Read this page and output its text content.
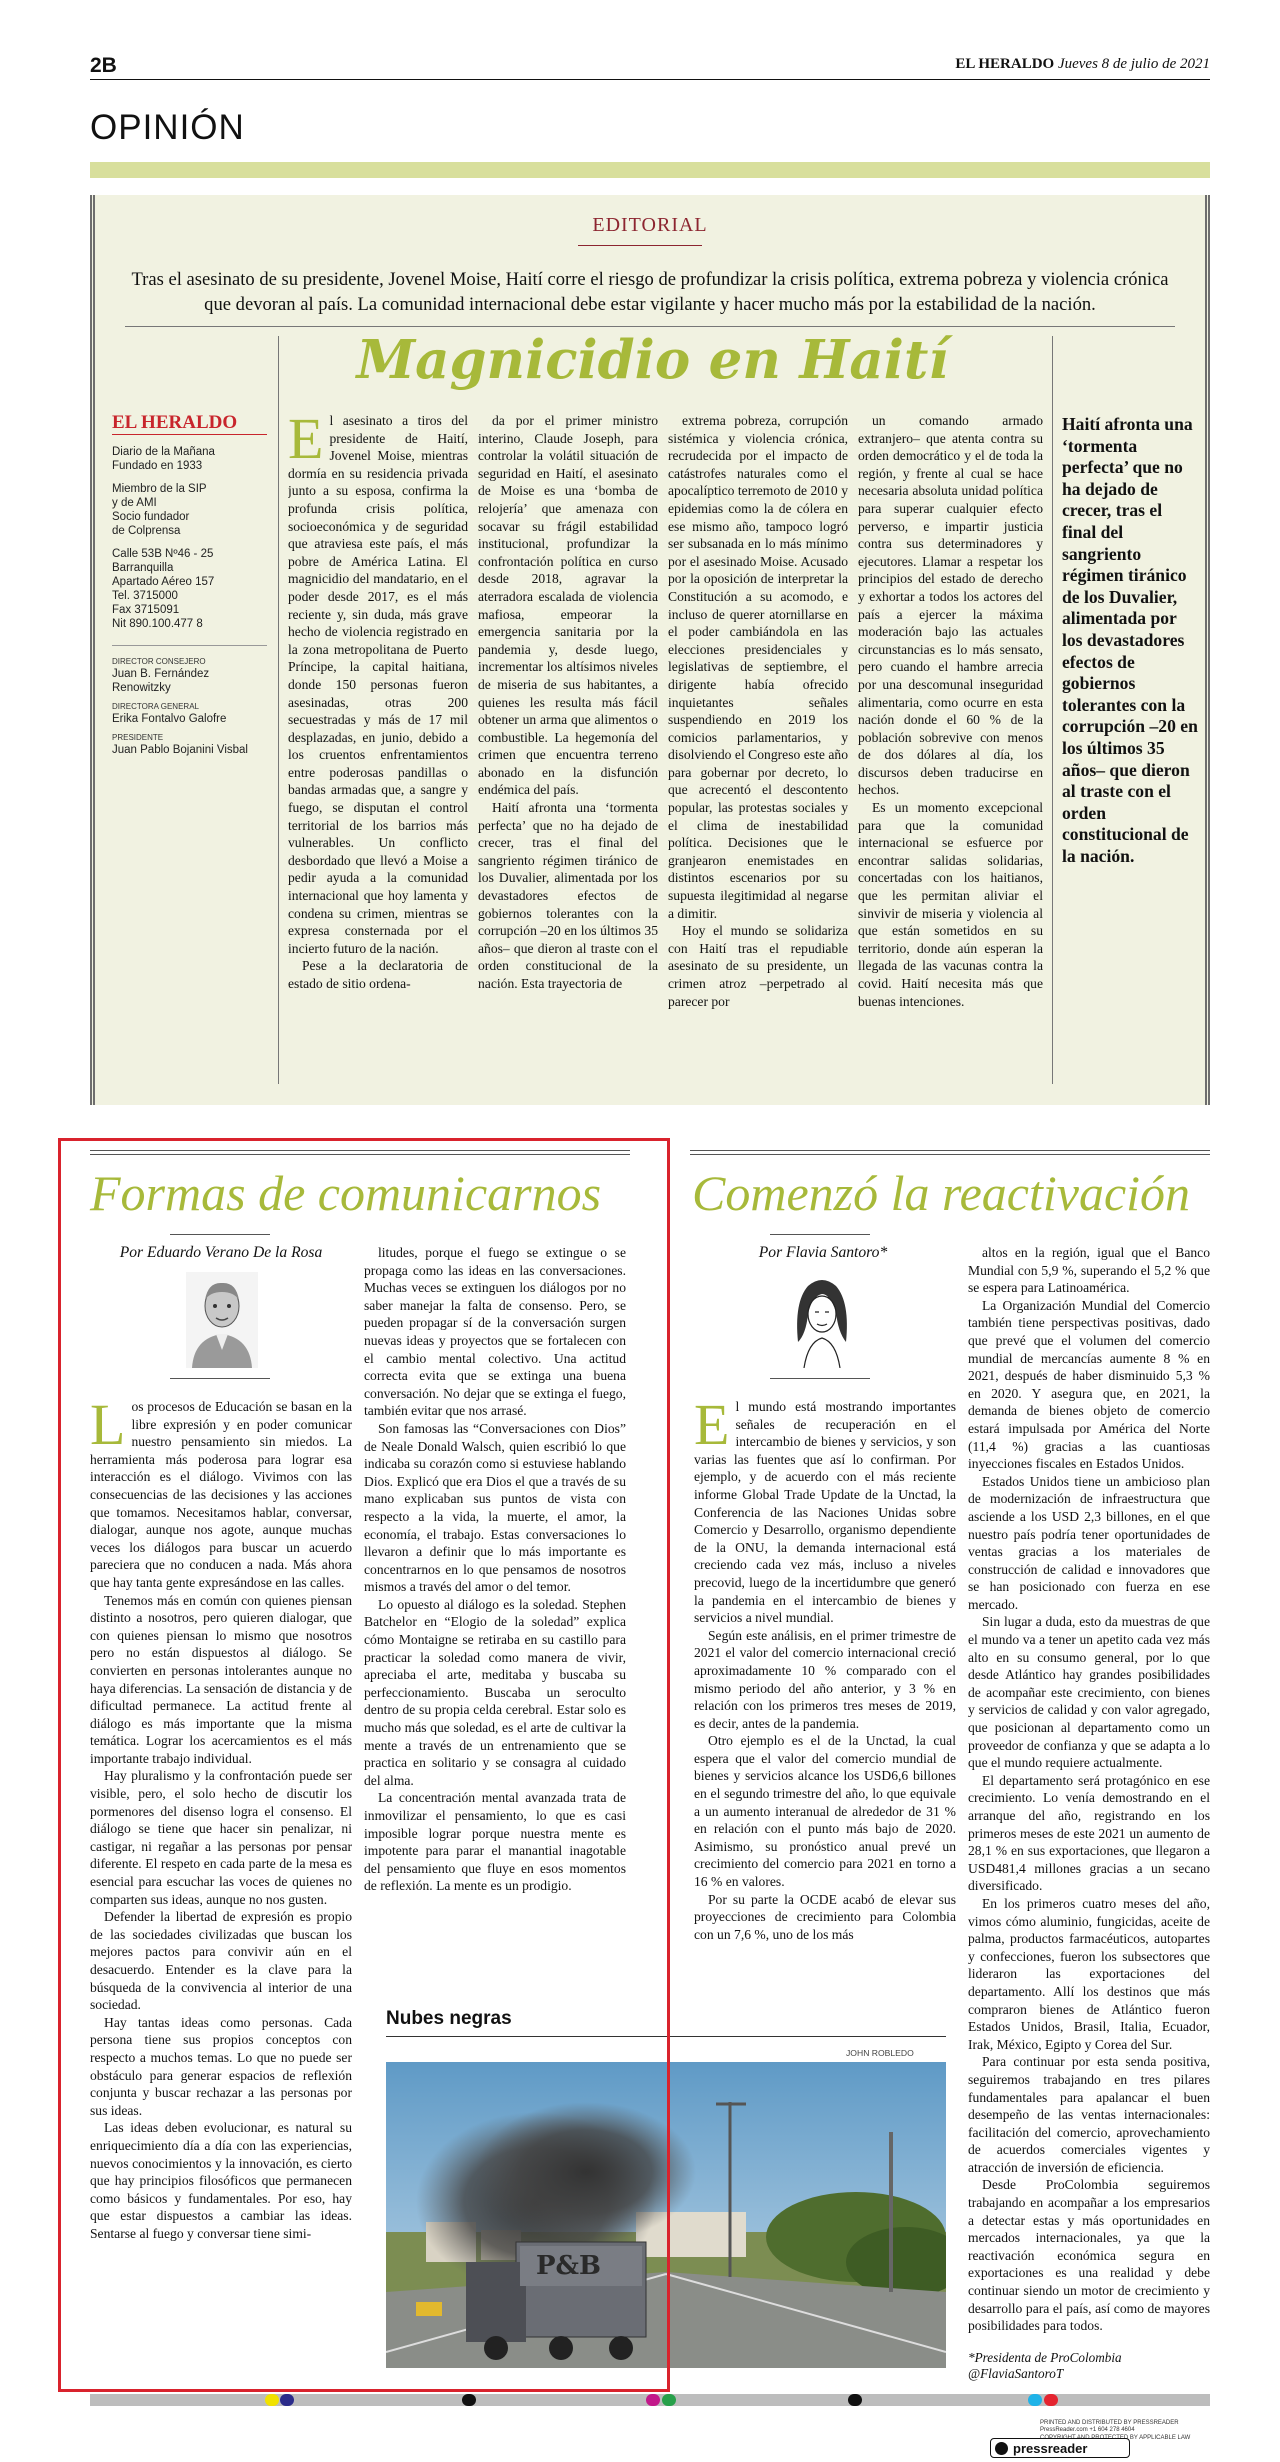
2B	EL HERALDO Jueves 8 de julio de 2021
OPINIÓN
EDITORIAL
Tras el asesinato de su presidente, Jovenel Moise, Haití corre el riesgo de profundizar la crisis política, extrema pobreza y violencia crónica que devoran al país. La comunidad internacional debe estar vigilante y hacer mucho más por la estabilidad de la nación.
Magnicidio en Haití
EL HERALDO
Diario de la Mañana
Fundado en 1933
Miembro de la SIP
y de AMI
Socio fundador
de Colprensa
Calle 53B Nº46 - 25
Barranquilla
Apartado Aéreo 157
Tel. 3715000
Fax 3715091
Nit 890.100.477 8
DIRECTOR CONSEJERO
Juan B. Fernández Renowitzky
DIRECTORA GENERAL
Erika Fontalvo Galofre
PRESIDENTE
Juan Pablo Bojanini Visbal

El asesinato a tiros del presidente de Haití, Jovenel Moise, mientras dormía en su residencia privada junto a su esposa, confirma la profunda crisis política, socioeconómica y de seguridad que atraviesa este país, el más pobre de América Latina. El magnicidio del mandatario, en el poder desde 2017, es el más reciente y, sin duda, más grave hecho de violencia registrado en la zona metropolitana de Puerto Príncipe, la capital haitiana, donde 150 personas fueron asesinadas, otras 200 secuestradas y más de 17 mil desplazadas, en junio, debido a los cruentos enfrentamientos entre poderosas pandillas o bandas armadas que, a sangre y fuego, se disputan el control territorial de los barrios más vulnerables. Un conflicto desbordado que llevó a Moise a pedir ayuda a la comunidad internacional que hoy lamenta y condena su crimen, mientras se expresa consternada por el incierto futuro de la nación.

Pese a la declaratoria de estado de sitio ordena-

da por el primer ministro interino, Claude Joseph, para controlar la volátil situación de seguridad en Haití, el asesinato de Moise es una ‘bomba de relojería’ que amenaza con socavar su frágil estabilidad institucional, profundizar la confrontación política en curso desde 2018, agravar la aterradora escalada de violencia mafiosa, empeorar la emergencia sanitaria por la pandemia y, desde luego, incrementar los altísimos niveles de miseria de sus habitantes, a quienes les resulta más fácil obtener un arma que alimentos o combustible. La hegemonía del crimen que encuentra terreno abonado en la disfunción endémica del país.

Haití afronta una ‘tormenta perfecta’ que no ha dejado de crecer, tras el final del sangriento régimen tiránico de los Duvalier, alimentada por los devastadores efectos de gobiernos tolerantes con la corrupción –20 en los últimos 35 años– que dieron al traste con el orden constitucional de la nación. Esta trayectoria de

extrema pobreza, corrupción sistémica y violencia crónica, recrudecida por el impacto de catástrofes naturales como el apocalíptico terremoto de 2010 y epidemias como la de cólera en ese mismo año, tampoco logró ser subsanada en lo más mínimo por el asesinado Moise. Acusado por la oposición de interpretar la Constitución a su acomodo, e incluso de querer atornillarse en el poder cambiándola en las elecciones presidenciales y legislativas de septiembre, el dirigente había ofrecido inquietantes señales suspendiendo en 2019 los comicios parlamentarios, y disolviendo el Congreso este año para gobernar por decreto, lo que acrecentó el descontento popular, las protestas sociales y el clima de inestabilidad política. Decisiones que le granjearon enemistades en distintos escenarios por su supuesta ilegitimidad al negarse a dimitir.

Hoy el mundo se solidariza con Haití tras el repudiable asesinato de su presidente, un crimen atroz –perpetrado al parecer por

un comando armado extranjero– que atenta contra su orden democrático y el de toda la región, y frente al cual se hace necesaria absoluta unidad política para superar cualquier efecto perverso, e impartir justicia contra sus determinadores y ejecutores. Llamar a respetar los principios del estado de derecho y exhortar a todos los actores del país a ejercer la máxima moderación bajo las actuales circunstancias es lo más sensato, pero cuando el hambre arrecia por una descomunal inseguridad alimentaria, como ocurre en esta nación donde el 60 % de la población sobrevive con menos de dos dólares al día, los discursos deben traducirse en hechos.

Es un momento excepcional para que la comunidad internacional se esfuerce por encontrar salidas solidarias, concertadas con los haitianos, que les permitan aliviar el sinvivir de miseria y violencia al que están sometidos en su territorio, donde aún esperan la llegada de las vacunas contra la covid. Haití necesita más que buenas intenciones.

Haití afronta una ‘tormenta perfecta’ que no ha dejado de crecer, tras el final del sangriento régimen tiránico de los Duvalier, alimentada por los devastadores efectos de gobiernos tolerantes con la corrupción –20 en los últimos 35 años– que dieron al traste con el orden constitucional de la nación.
Formas de comunicarnos
Por Eduardo Verano De la Rosa

Los procesos de Educación se basan en la libre expresión y en poder comunicar nuestro pensamiento sin miedos. La herramienta más poderosa para lograr esa interacción es el diálogo. Vivimos con las consecuencias de las decisiones y las acciones que tomamos. Necesitamos hablar, conversar, dialogar, aunque nos agote, aunque muchas veces los diálogos para buscar un acuerdo pareciera que no conducen a nada. Más ahora que hay tanta gente expresándose en las calles.

Tenemos más en común con quienes piensan distinto a nosotros, pero quieren dialogar, que con quienes piensan lo mismo que nosotros pero no están dispuestos al diálogo. Se convierten en personas intolerantes aunque no haya diferencias. La sensación de distancia y de dificultad permanece. La actitud frente al diálogo es más importante que la misma temática. Lograr los acercamientos es el más importante trabajo individual.

Hay pluralismo y la confrontación puede ser visible, pero, el solo hecho de discutir los pormenores del disenso logra el consenso. El diálogo se tiene que hacer sin penalizar, ni castigar, ni regañar a las personas por pensar diferente. El respeto en cada parte de la mesa es esencial para escuchar las voces de quienes no comparten sus ideas, aunque no nos gusten.

Defender la libertad de expresión es propio de las sociedades civilizadas que buscan los mejores pactos para convivir aún en el desacuerdo. Entender es la clave para la búsqueda de la convivencia al interior de una sociedad.

Hay tantas ideas como personas. Cada persona tiene sus propios conceptos con respecto a muchos temas. Lo que no puede ser obstáculo para generar espacios de reflexión conjunta y buscar rechazar a las personas por sus ideas.

Las ideas deben evolucionar, es natural su enriquecimiento día a día con las experiencias, nuevos conocimientos y la innovación, es cierto que hay principios filosóficos que permanecen como básicos y fundamentales. Por eso, hay que estar dispuestos a cambiar las ideas. Sentarse al fuego y conversar tiene simi-

litudes, porque el fuego se extingue o se propaga como las ideas en las conversaciones. Muchas veces se extinguen los diálogos por no saber manejar la falta de consenso. Pero, se pueden propagar sí de la conversación surgen nuevas ideas y proyectos que se fortalecen con el cambio mental colectivo. Una actitud correcta evita que se extinga una buena conversación. No dejar que se extinga el fuego, también evitar que nos arrasé.

Son famosas las “Conversaciones con Dios” de Neale Donald Walsch, quien escribió lo que indicaba su corazón como si estuviese hablando Dios. Explicó que era Dios el que a través de su mano explicaban sus puntos de vista con respecto a la vida, la muerte, el amor, la economía, el trabajo. Estas conversaciones lo llevaron a definir que lo más importante es concentrarnos en lo que pensamos de nosotros mismos a través del amor o del temor.

Lo opuesto al diálogo es la soledad. Stephen Batchelor en “Elogio de la soledad” explica cómo Montaigne se retiraba en su castillo para practicar la soledad como manera de vivir, apreciaba el arte, meditaba y buscaba su perfeccionamiento. Buscaba un seroculto dentro de su propia celda cerebral. Estar solo es mucho más que soledad, es el arte de cultivar la mente a través de un entrenamiento que se practica en solitario y se consagra al cuidado del alma.

La concentración mental avanzada trata de inmovilizar el pensamiento, lo que es casi imposible lograr porque nuestra mente es impotente para parar el manantial inagotable del pensamiento que fluye en esos momentos de reflexión. La mente es un prodigio.

Nubes negras
JOHN ROBLEDO
P&B
Comenzó la reactivación
Por Flavia Santoro*

El mundo está mostrando importantes señales de recuperación en el intercambio de bienes y servicios, y son varias las fuentes que así lo confirman. Por ejemplo, y de acuerdo con el más reciente informe Global Trade Update de la Unctad, la Conferencia de las Naciones Unidas sobre Comercio y Desarrollo, organismo dependiente de la ONU, la demanda internacional está creciendo cada vez más, incluso a niveles precovid, luego de la incertidumbre que generó la pandemia en el intercambio de bienes y servicios a nivel mundial.

Según este análisis, en el primer trimestre de 2021 el valor del comercio internacional creció aproximadamente 10 % comparado con el mismo periodo del año anterior, y 3 % en relación con los primeros tres meses de 2019, es decir, antes de la pandemia.

Otro ejemplo es el de la Unctad, la cual espera que el valor del comercio mundial de bienes y servicios alcance los USD6,6 billones en el segundo trimestre del año, lo que equivale a un aumento interanual de alrededor de 31 % en relación con el punto más bajo de 2020. Asimismo, su pronóstico anual prevé un crecimiento del comercio para 2021 en torno a 16 % en valores.

Por su parte la OCDE acabó de elevar sus proyecciones de crecimiento para Colombia con un 7,6 %, uno de los más

altos en la región, igual que el Banco Mundial con 5,9 %, superando el 5,2 % que se espera para Latinoamérica.

La Organización Mundial del Comercio también tiene perspectivas positivas, dado que prevé que el volumen del comercio mundial de mercancías aumente 8 % en 2021, después de haber disminuido 5,3 % en 2020. Y asegura que, en 2021, la demanda de bienes objeto de comercio estará impulsada por América del Norte (11,4 %) gracias a las cuantiosas inyecciones fiscales en Estados Unidos.

Estados Unidos tiene un ambicioso plan de modernización de infraestructura que asciende a los USD 2,3 billones, en el que nuestro país podría tener oportunidades de ventas gracias a los materiales de construcción de calidad e innovadores que se han posicionado con fuerza en ese mercado.

Sin lugar a duda, esto da muestras de que el mundo va a tener un apetito cada vez más alto en su consumo general, por lo que desde Atlántico hay grandes posibilidades de acompañar este crecimiento, con bienes y servicios de calidad y con valor agregado, que posicionan al departamento como un proveedor de confianza y que se adapta a lo que el mundo requiere actualmente.

El departamento será protagónico en ese crecimiento. Lo venía demostrando en el arranque del año, registrando en los primeros meses de este 2021 un aumento de 28,1 % en sus exportaciones, que llegaron a USD481,4 millones gracias a un secano diversificado.

En los primeros cuatro meses del año, vimos cómo aluminio, fungicidas, aceite de palma, productos farmacéuticos, autopartes y confecciones, fueron los subsectores que lideraron las exportaciones del departamento. Allí los destinos que más compraron bienes de Atlántico fueron Estados Unidos, Brasil, Italia, Ecuador, Irak, México, Egipto y Corea del Sur.

Para continuar por esta senda positiva, seguiremos trabajando en tres pilares fundamentales para apalancar el buen desempeño de las ventas internacionales: facilitación del comercio, aprovechamiento de acuerdos comerciales vigentes y atracción de inversión de eficiencia.

Desde ProColombia seguiremos trabajando en acompañar a los empresarios a detectar estas y más oportunidades en mercados internacionales, ya que la reactivación económica segura en exportaciones es una realidad y debe continuar siendo un motor de crecimiento y desarrollo para el país, así como de mayores posibilidades para todos.

*Presidenta de ProColombia
@FlaviaSantoroT
PRINTED AND DISTRIBUTED BY PRESSREADER
PressReader.com +1 604 278 4604
COPYRIGHT AND PROTECTED BY APPLICABLE LAW
pressreader
